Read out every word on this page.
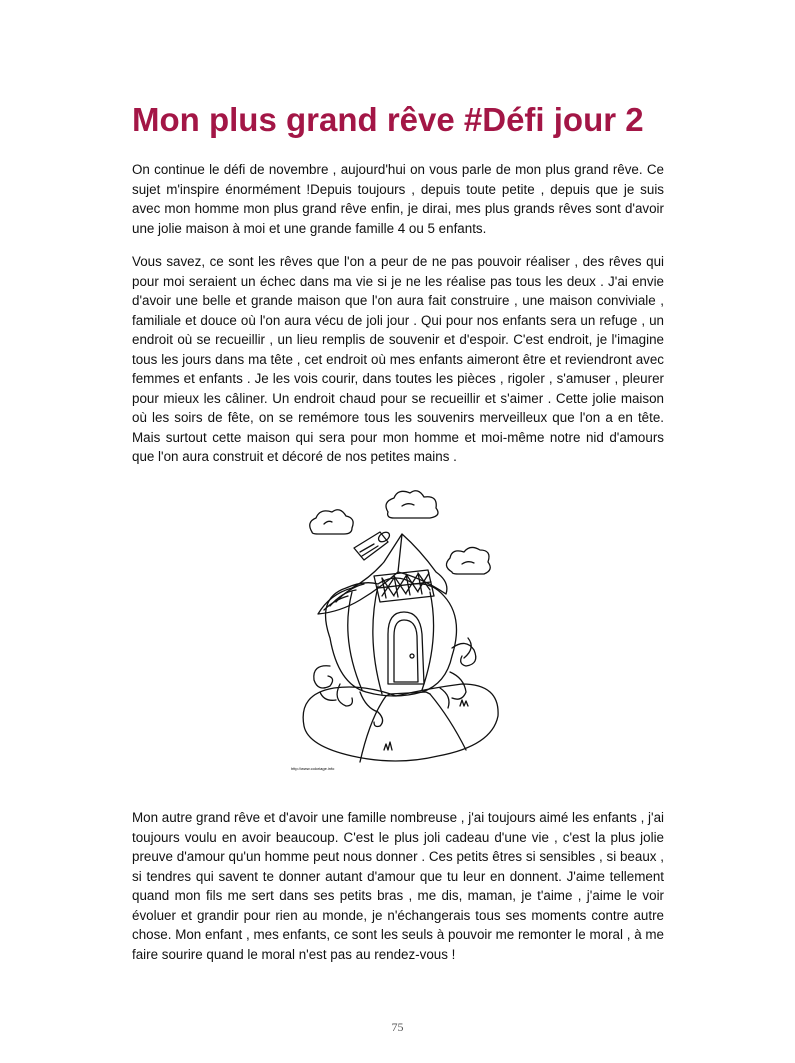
Mon plus grand rêve #Défi jour 2

On continue le défi de novembre , aujourd'hui on vous parle de mon plus grand rêve. Ce sujet m'inspire énormément !Depuis toujours , depuis toute petite , depuis que je suis avec mon homme mon plus grand rêve enfin, je dirai, mes plus grands rêves sont d'avoir une jolie maison à moi et une grande famille 4 ou 5 enfants.

Vous savez, ce sont les rêves que l'on a peur de ne pas pouvoir réaliser , des rêves qui pour moi seraient un échec dans ma vie si je ne les réalise pas tous les deux . J'ai envie d'avoir une belle et grande maison que l'on aura fait construire , une maison conviviale , familiale et douce où l'on aura vécu de joli jour . Qui pour nos enfants sera un refuge , un endroit où se recueillir , un lieu remplis de souvenir et d'espoir. C'est endroit, je l'imagine tous les jours dans ma tête , cet endroit où mes enfants aimeront être et reviendront avec femmes et enfants . Je les vois courir, dans toutes les pièces , rigoler , s'amuser , pleurer pour mieux les câliner. Un endroit chaud pour se recueillir et s'aimer . Cette jolie maison où les soirs de fête, on se remémore tous les souvenirs merveilleux que l'on a en tête. Mais surtout cette maison qui sera pour mon homme et moi-même notre nid d'amours que l'on aura construit et décoré de nos petites mains .

http://www.coloriage.info

Mon autre grand rêve et d'avoir une famille nombreuse , j'ai toujours aimé les enfants , j'ai toujours voulu en avoir beaucoup. C'est le plus joli cadeau d'une vie , c'est la plus jolie preuve d'amour qu'un homme peut nous donner . Ces petits êtres si sensibles , si beaux , si tendres qui savent te donner autant d'amour que tu leur en donnent. J'aime tellement quand mon fils me sert dans ses petits bras , me dis, maman, je t'aime , j'aime le voir évoluer et grandir pour rien au monde, je n'échangerais tous ses moments contre autre chose. Mon enfant , mes enfants, ce sont les seuls à pouvoir me remonter le moral , à me faire sourire quand le moral n'est pas au rendez-vous !

75
